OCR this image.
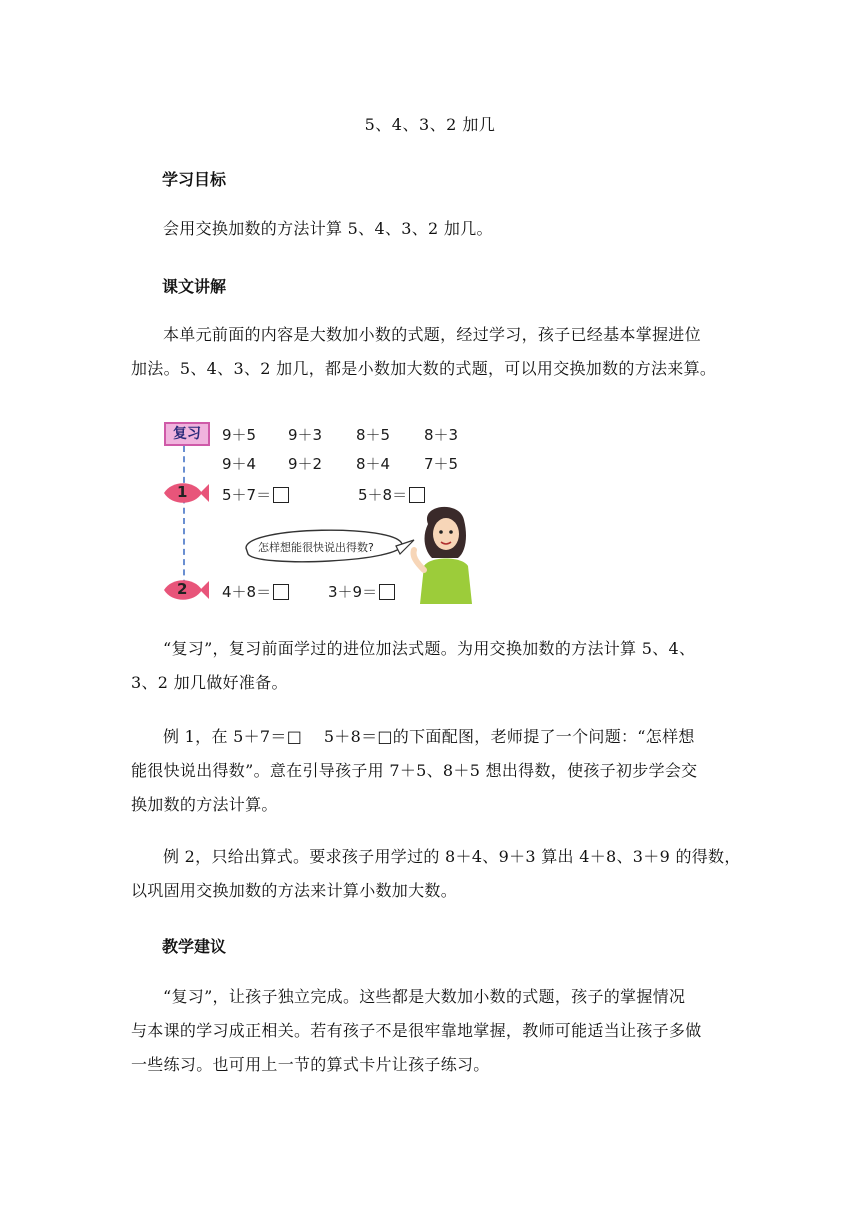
5、4、3、2 加几
学习目标
会用交换加数的方法计算 5、4、3、2 加几。
课文讲解
本单元前面的内容是大数加小数的式题，经过学习，孩子已经基本掌握进位
加法。5、4、3、2 加几，都是小数加大数的式题，可以用交换加数的方法来算。
复习	9＋5 9＋3 8＋5 8＋3
9＋4 9＋2 8＋4 7＋5
1 5＋7＝	5＋8＝
怎样想能很快说出得数?
2 4＋8＝	3＋9＝
“复习”，复习前面学过的进位加法式题。为用交换加数的方法计算 5、4、
3、2 加几做好准备。
例 1，在 5＋7＝□　 5＋8＝□的下面配图，老师提了一个问题：“怎样想
能很快说出得数”。意在引导孩子用 7＋5、8＋5 想出得数，使孩子初步学会交
换加数的方法计算。
例 2，只给出算式。要求孩子用学过的 8＋4、9＋3 算出 4＋8、3＋9 的得数，
以巩固用交换加数的方法来计算小数加大数。
教学建议
“复习”，让孩子独立完成。这些都是大数加小数的式题，孩子的掌握情况
与本课的学习成正相关。若有孩子不是很牢靠地掌握，教师可能适当让孩子多做
一些练习。也可用上一节的算式卡片让孩子练习。
